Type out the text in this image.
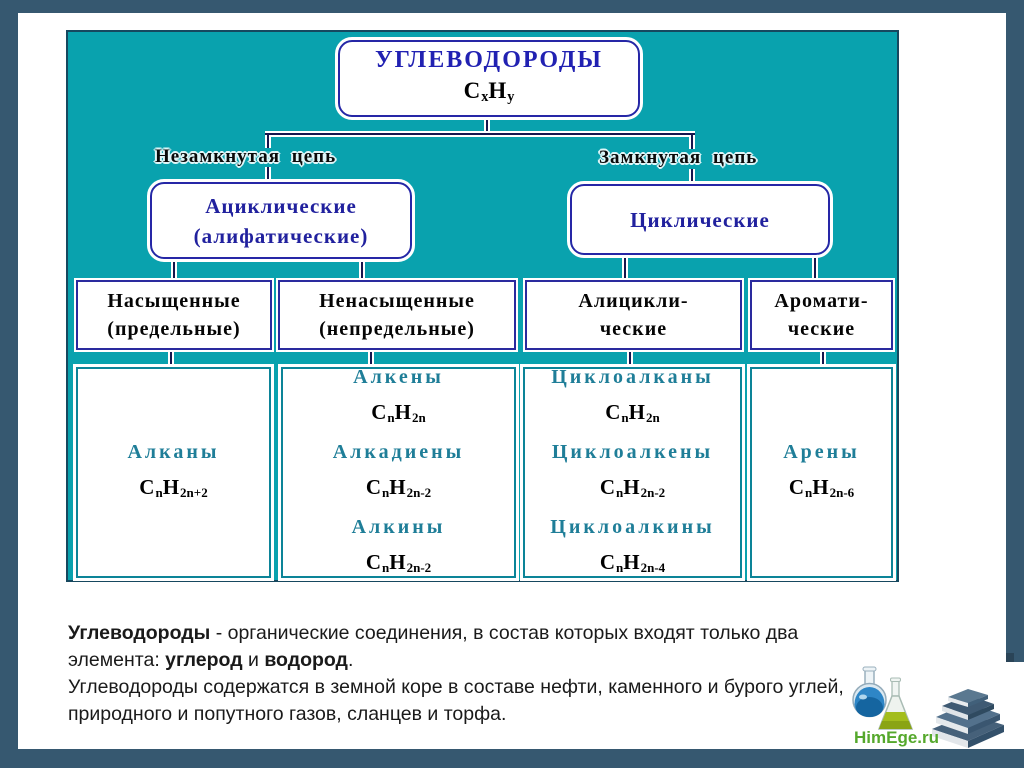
УГЛЕВОДОРОДЫ
$C_xH_y$
Незамкнутая цепь	Замкнутая цепь
Ациклические
(алифатические)
Циклические
Насыщенные
(предельные)
Ненасыщенные
(непредельные)
Алицикли-
ческие
Аромати-
ческие
Алканы
$C_nH_{2n+2}$
Алкены
$C_nH_{2n}$
Алкадиены
$C_nH_{2n-2}$
Алкины
$C_nH_{2n-2}$
Циклоалканы
$C_nH_{2n}$
Циклоалкены
$C_nH_{2n-2}$
Циклоалкины
$C_nH_{2n-4}$
Арены
$C_nH_{2n-6}$
Углеводороды - органические соединения, в состав которых входят только два
элемента: углерод и водород.
Углеводороды содержатся в земной коре в составе нефти, каменного и бурого углей,
природного и попутного газов, сланцев и торфа.
HimEge.ru
